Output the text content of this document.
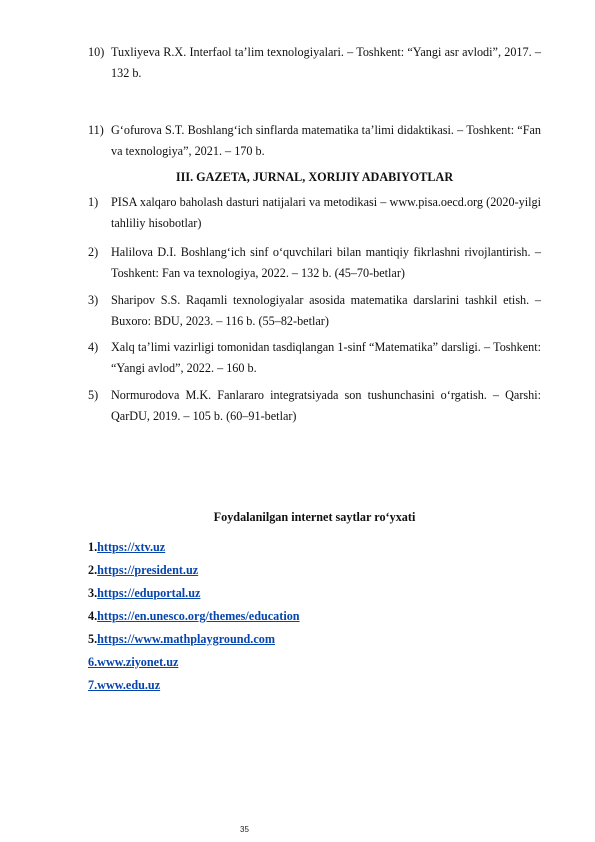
10) Tuxliyeva R.X. Interfaol ta’lim texnologiyalari. – Toshkent: “Yangi asr avlodi”, 2017. – 132 b.
11) G‘ofurova S.T. Boshlang‘ich sinflarda matematika ta’limi didaktikasi. – Toshkent: “Fan va texnologiya”, 2021. – 170 b.
III. GAZETA, JURNAL, XORIJIY ADABIYOTLAR
1)	PISA xalqaro baholash dasturi natijalari va metodikasi – www.pisa.oecd.org (2020-yilgi tahliliy hisobotlar)
2)	Halilova D.I. Boshlang‘ich sinf o‘quvchilari bilan mantiqiy fikrlashni rivojlantirish. – Toshkent: Fan va texnologiya, 2022. – 132 b. (45–70-betlar)
3)	Sharipov S.S. Raqamli texnologiyalar asosida matematika darslarini tashkil etish. – Buxoro: BDU, 2023. – 116 b. (55–82-betlar)
4)	Xalq ta’limi vazirligi tomonidan tasdiqlangan 1-sinf “Matematika” darsligi. – Toshkent: “Yangi avlod”, 2022. – 160 b.
5)	Normurodova M.K. Fanlararo integratsiyada son tushunchasini o‘rgatish. – Qarshi: QarDU, 2019. – 105 b. (60–91-betlar)
Foydalanilgan internet saytlar ro‘yxati
1.https://xtv.uz
2.https://president.uz
3.https://eduportal.uz
4.https://en.unesco.org/themes/education
5.https://www.mathplayground.com
6.www.ziyonet.uz
7.www.edu.uz
35
